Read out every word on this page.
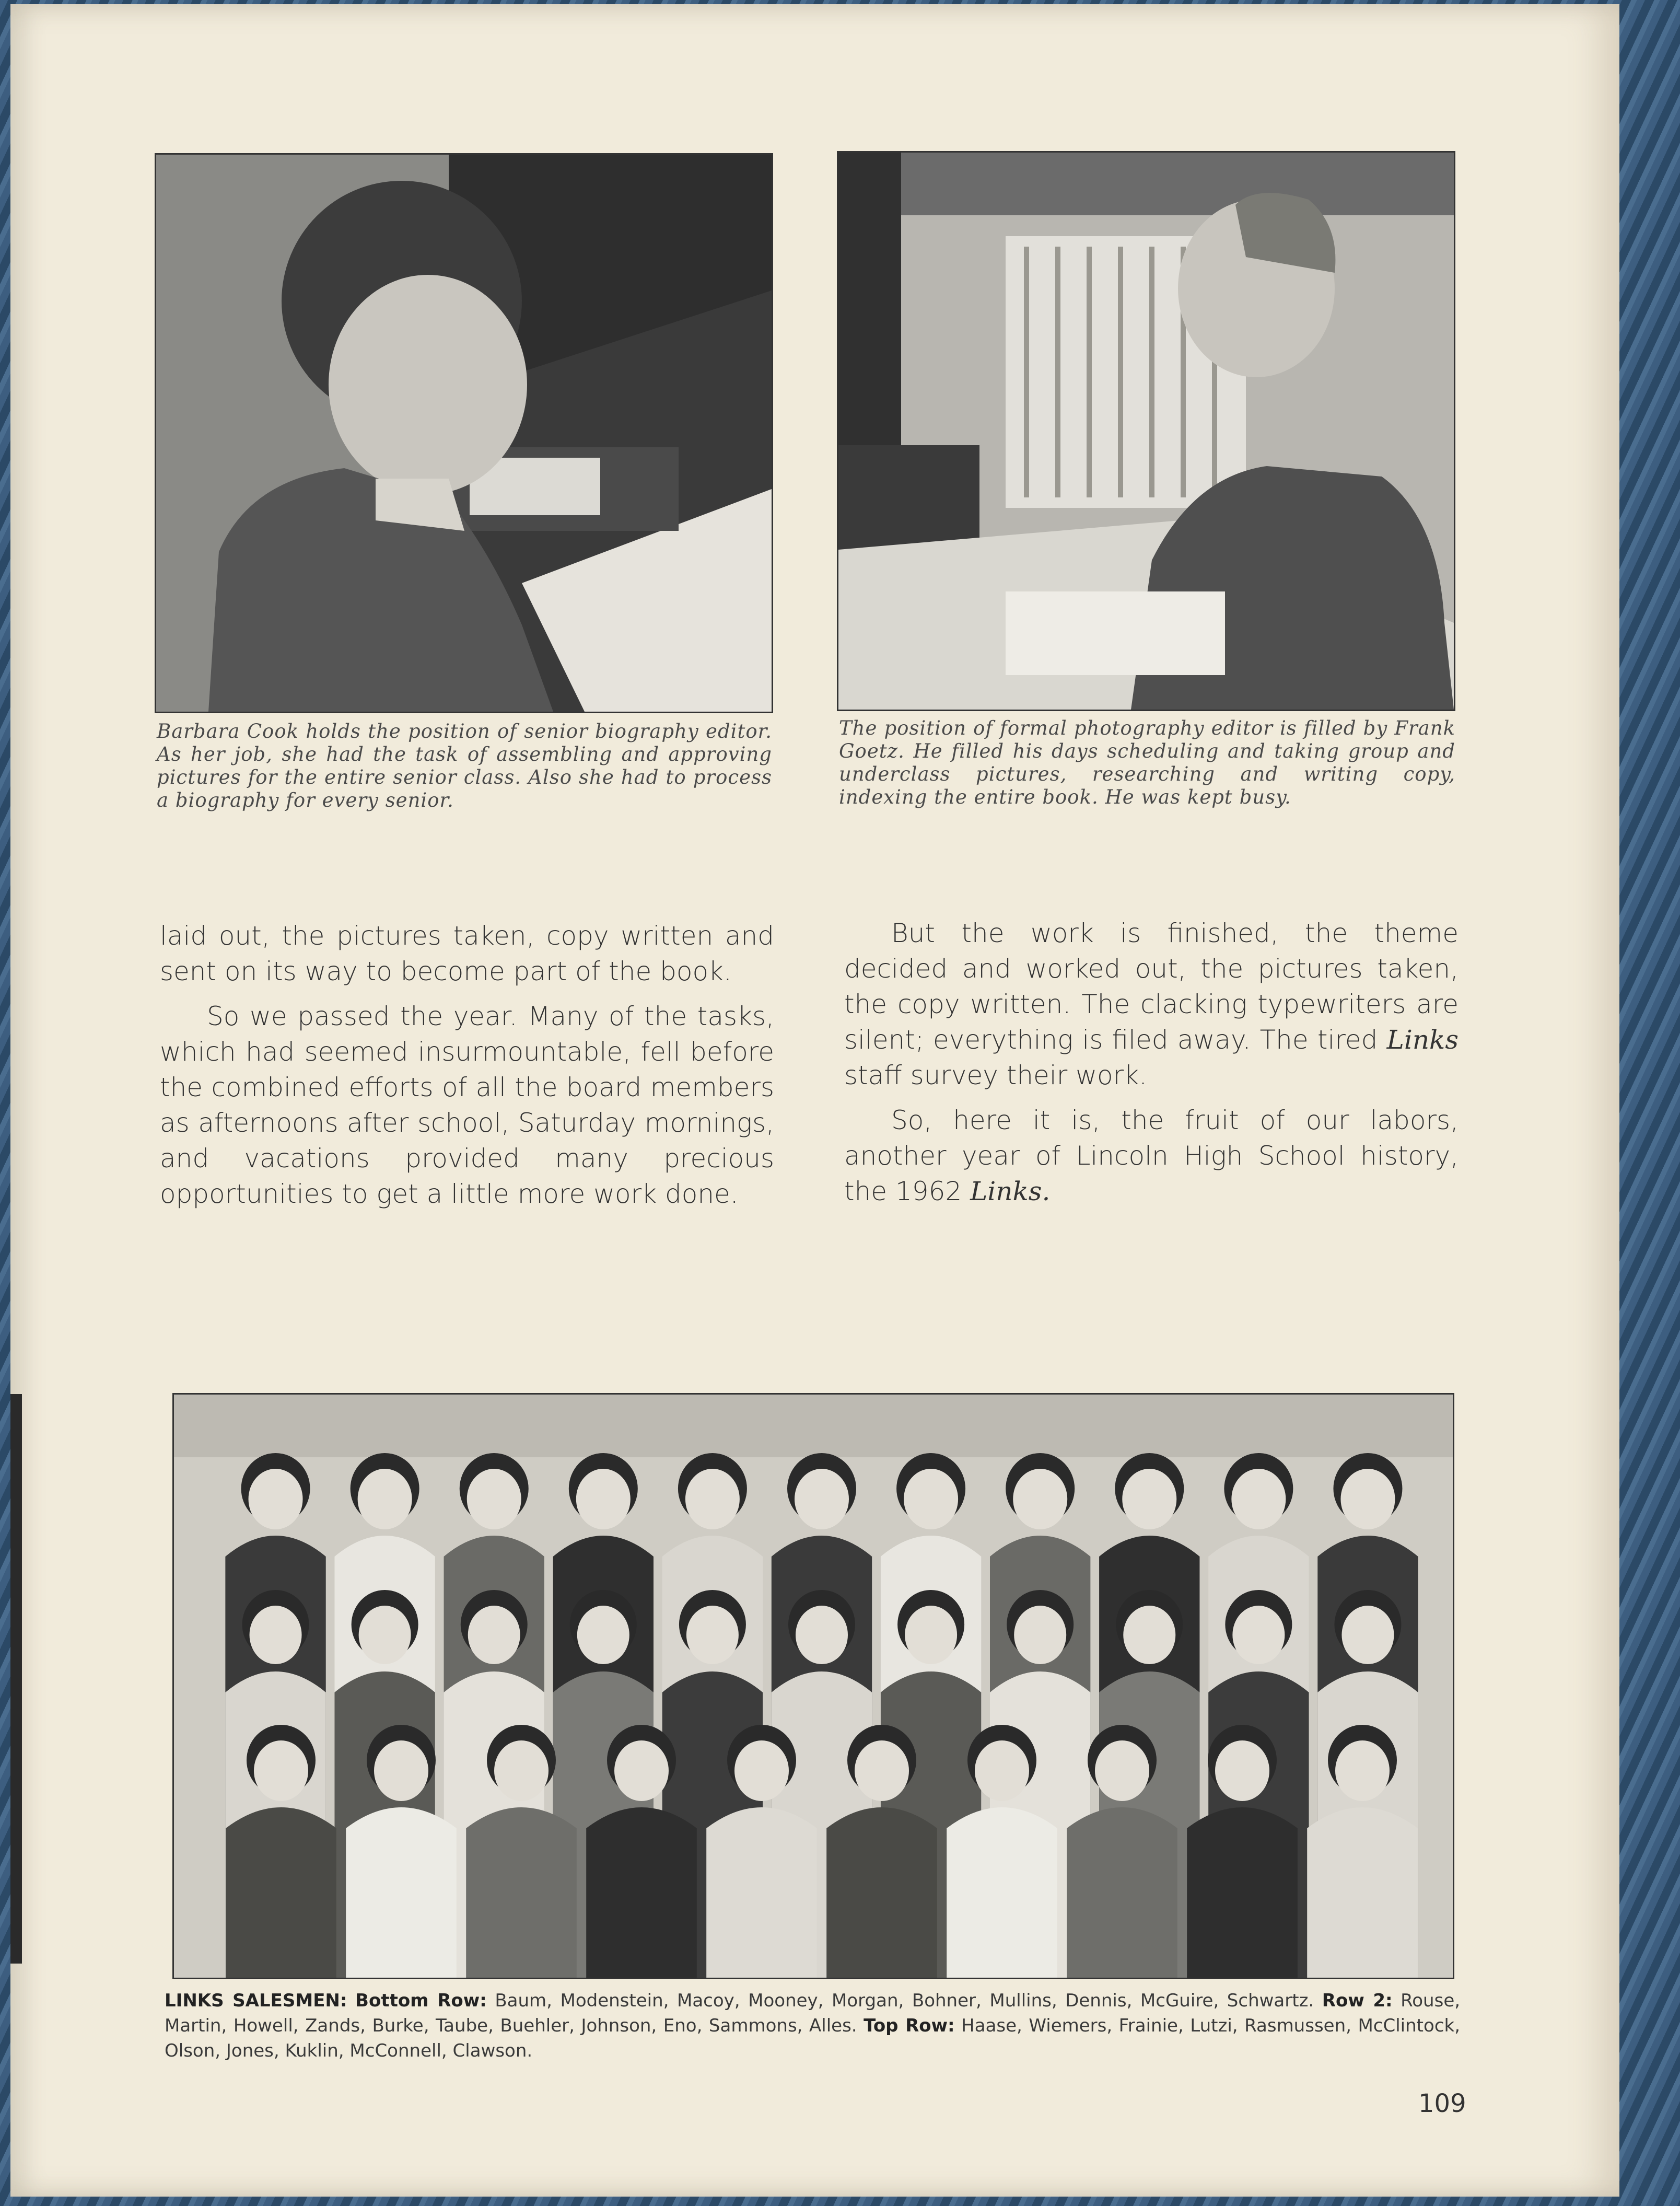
Barbara Cook holds the position of senior biography editor. As her job, she had the task of assembling and approving pictures for the entire senior class. Also she had to process a biography for every senior.
The position of formal photography editor is filled by Frank Goetz. He filled his days scheduling and taking group and underclass pictures, researching and writing copy, indexing the entire book. He was kept busy.

laid out, the pictures taken, copy written and sent on its way to become part of the book.

So we passed the year. Many of the tasks, which had seemed insurmountable, fell before the combined efforts of all the board members as afternoons after school, Saturday mornings, and vacations provided many precious opportunities to get a little more work done.

But the work is finished, the theme decided and worked out, the pictures taken, the copy written. The clacking typewriters are silent; everything is filed away. The tired Links staff survey their work.

So, here it is, the fruit of our labors, another year of Lincoln High School history, the 1962 Links.

LINKS SALESMEN: Bottom Row: Baum, Modenstein, Macoy, Mooney, Morgan, Bohner, Mullins, Dennis, McGuire, Schwartz. Row 2: Rouse, Martin, Howell, Zands, Burke, Taube, Buehler, Johnson, Eno, Sammons, Alles. Top Row: Haase, Wiemers, Frainie, Lutzi, Rasmussen, McClintock, Olson, Jones, Kuklin, McConnell, Clawson.
109
